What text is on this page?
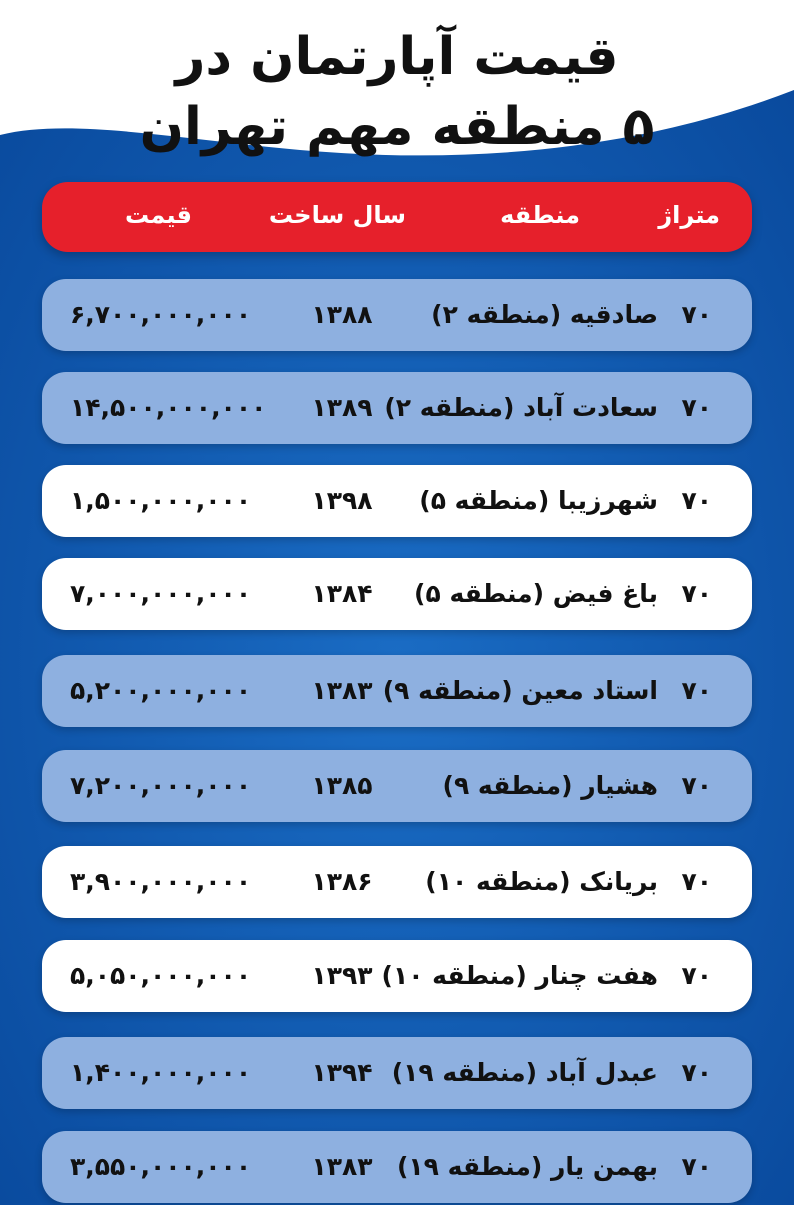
قیمت آپارتمان در
۵ منطقه مهم تهران
متراژ
منطقه
سال ساخت
قیمت
۷۰
صادقیه (منطقه ۲)
۱۳۸۸
۶,۷۰۰,۰۰۰,۰۰۰
۷۰
سعادت آباد (منطقه ۲)
۱۳۸۹
۱۴,۵۰۰,۰۰۰,۰۰۰
۷۰
شهرزیبا (منطقه ۵)
۱۳۹۸
۱,۵۰۰,۰۰۰,۰۰۰
۷۰
باغ فیض (منطقه ۵)
۱۳۸۴
۷,۰۰۰,۰۰۰,۰۰۰
۷۰
استاد معین (منطقه ۹)
۱۳۸۳
۵,۲۰۰,۰۰۰,۰۰۰
۷۰
هشیار (منطقه ۹)
۱۳۸۵
۷,۲۰۰,۰۰۰,۰۰۰
۷۰
بریانک (منطقه ۱۰)
۱۳۸۶
۳,۹۰۰,۰۰۰,۰۰۰
۷۰
هفت چنار (منطقه ۱۰)
۱۳۹۳
۵,۰۵۰,۰۰۰,۰۰۰
۷۰
عبدل آباد (منطقه ۱۹)
۱۳۹۴
۱,۴۰۰,۰۰۰,۰۰۰
۷۰
بهمن یار (منطقه ۱۹)
۱۳۸۳
۳,۵۵۰,۰۰۰,۰۰۰
